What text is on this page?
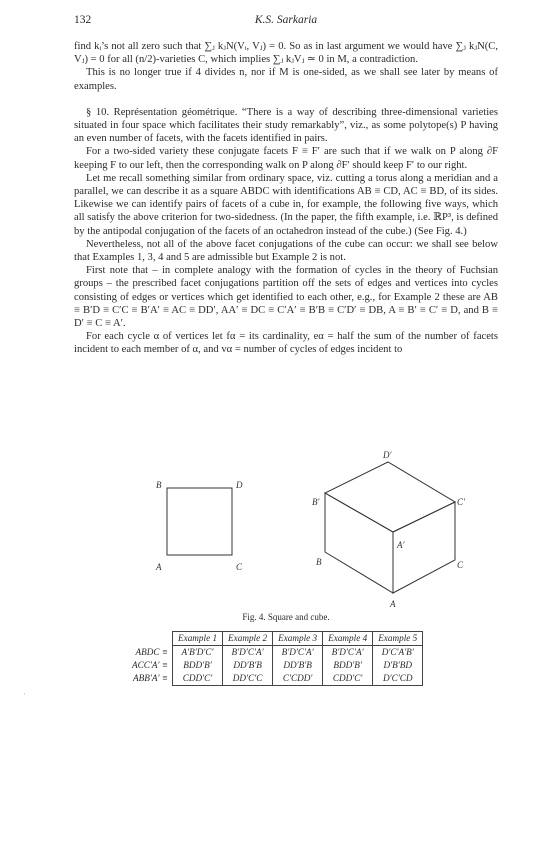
132	K.S. Sarkaria

find kᵢ’s not all zero such that ∑ⱼ kⱼN(Vᵢ, Vⱼ) = 0. So as in last argument we would have ∑ⱼ kⱼN(C, Vⱼ) = 0 for all (n/2)-varieties C, which implies ∑ⱼ kⱼVⱼ ≃ 0 in M, a contradiction.

This is no longer true if 4 divides n, nor if M is one-sided, as we shall see later by means of examples.

§ 10. Représentation géométrique. “There is a way of describing three-dimensional varieties situated in four space which facilitates their study remarkably”, viz., as some polytope(s) P having an even number of facets, with the facets identified in pairs.

For a two-sided variety these conjugate facets F ≡ F′ are such that if we walk on P along ∂F keeping F to our left, then the corresponding walk on P along ∂F′ should keep F′ to our right.

Let me recall something similar from ordinary space, viz. cutting a torus along a meridian and a parallel, we can describe it as a square ABDC with identifications AB ≡ CD, AC ≡ BD, of its sides. Likewise we can identify pairs of facets of a cube in, for example, the following five ways, which all satisfy the above criterion for two-sidedness. (In the paper, the fifth example, i.e. ℝP³, is defined by the antipodal conjugation of the facets of an octahedron instead of the cube.) (See Fig. 4.)

Nevertheless, not all of the above facet conjugations of the cube can occur: we shall see below that Examples 1, 3, 4 and 5 are admissible but Example 2 is not.

First note that – in complete analogy with the formation of cycles in the theory of Fuchsian groups – the prescribed facet conjugations partition off the sets of edges and vertices into cycles consisting of edges or vertices which get identified to each other, e.g., for Example 2 these are AB ≡ B′D ≡ C′C ≡ B′A′ ≡ AC ≡ DD′, AA′ ≡ DC ≡ C′A′ ≡ B′B ≡ C′D′ ≡ DB, A ≡ B′ ≡ C′ ≡ D, and B ≡ D′ ≡ C ≡ A′.

For each cycle α of vertices let fα = its cardinality, eα = half the sum of the number of facets incident to each member of α, and vα = number of cycles of edges incident to

B	D
A	C
D′
B′	C′
A′
B	C
A
Fig. 4. Square and cube.
	Example 1	Example 2	Example 3	Example 4	Example 5
ABDC ≡	A′B′D′C′	B′D′C′A′	B′D′C′A′	B′D′C′A′	D′C′A′B′
ACC′A′ ≡	BDD′B′	DD′B′B	DD′B′B	BDD′B′	D′B′BD
ABB′A′ ≡	CDD′C′	DD′C′C	C′CDD′	CDD′C′	D′C′CD
′
